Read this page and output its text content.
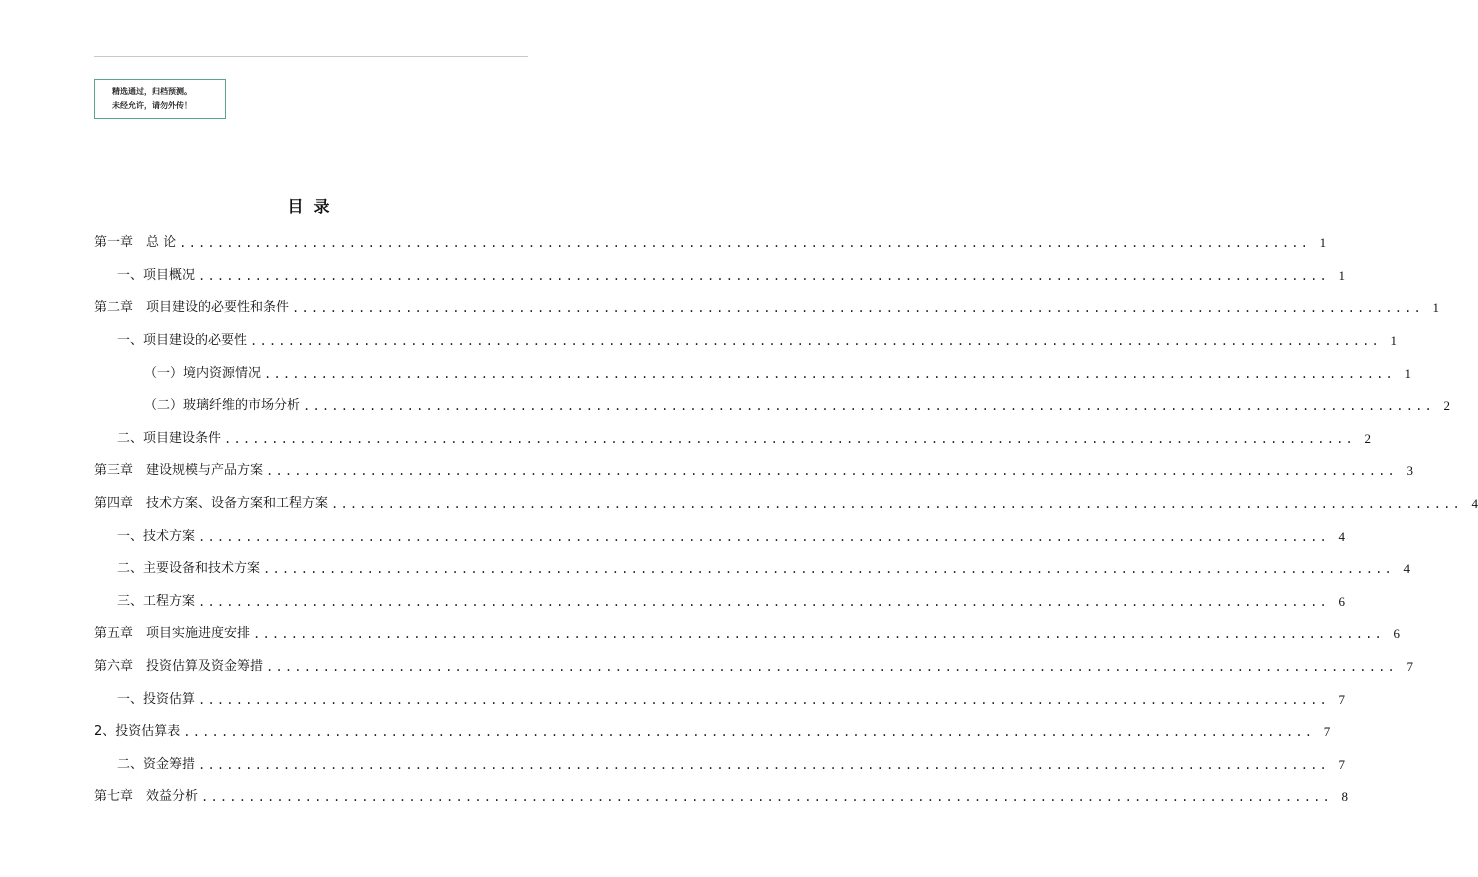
精选通过，归档预测。
未经允许，请勿外传！
目录
第一章　总 论 ........................................................................................................................ 1
一、项目概况 ........................................................................................................................ 1
第二章　项目建设的必要性和条件 ........................................................................................................................ 1
一、项目建设的必要性 ........................................................................................................................ 1
（一）境内资源情况 ........................................................................................................................ 1
（二）玻璃纤维的市场分析 ........................................................................................................................ 2
二、项目建设条件 ........................................................................................................................ 2
第三章　建设规模与产品方案 ........................................................................................................................ 3
第四章　技术方案、设备方案和工程方案 ........................................................................................................................ 4
一、技术方案 ........................................................................................................................ 4
二、主要设备和技术方案 ........................................................................................................................ 4
三、工程方案 ........................................................................................................................ 6
第五章　项目实施进度安排 ........................................................................................................................ 6
第六章　投资估算及资金筹措 ........................................................................................................................ 7
一、投资估算 ........................................................................................................................ 7
2、投资估算表 ........................................................................................................................ 7
二、资金筹措 ........................................................................................................................ 7
第七章　效益分析 ........................................................................................................................ 8
